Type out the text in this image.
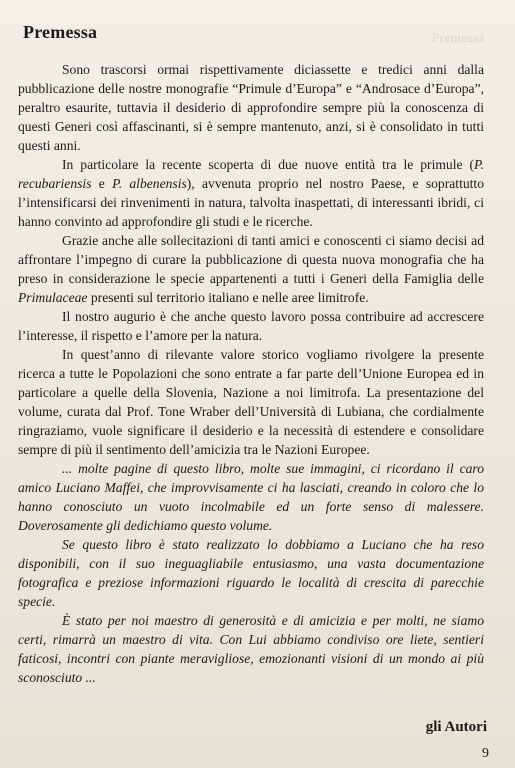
Premessa
Premessa

Sono trascorsi ormai rispettivamente diciassette e tredici anni dalla pubblicazione delle nostre monografie “Primule d’Europa” e “Androsace d’Europa”, peraltro esaurite, tuttavia il desiderio di approfondire sempre più la conoscenza di questi Generi così affascinanti, si è sempre mantenuto, anzi, si è consolidato in tutti questi anni.

In particolare la recente scoperta di due nuove entità tra le primule (P. recubariensis e P. albenensis), avvenuta proprio nel nostro Paese, e soprattutto l’intensificarsi dei rinvenimenti in natura, talvolta inaspettati, di interessanti ibridi, ci hanno convinto ad approfondire gli studi e le ricerche.

Grazie anche alle sollecitazioni di tanti amici e conoscenti ci siamo decisi ad affrontare l’impegno di curare la pubblicazione di questa nuova monografia che ha preso in considerazione le specie appartenenti a tutti i Generi della Famiglia delle Primulaceae presenti sul territorio italiano e nelle aree limitrofe.

Il nostro augurio è che anche questo lavoro possa contribuire ad accrescere l’interesse, il rispetto e l’amore per la natura.

In quest’anno di rilevante valore storico vogliamo rivolgere la presente ricerca a tutte le Popolazioni che sono entrate a far parte dell’Unione Europea ed in particolare a quelle della Slovenia, Nazione a noi limitrofa. La presentazione del volume, curata dal Prof. Tone Wraber dell’Università di Lubiana, che cordialmente ringraziamo, vuole significare il desiderio e la necessità di estendere e consolidare sempre di più il sentimento dell’amicizia tra le Nazioni Europee.

... molte pagine di questo libro, molte sue immagini, ci ricordano il caro amico Luciano Maffei, che improvvisamente ci ha lasciati, creando in coloro che lo hanno conosciuto un vuoto incolmabile ed un forte senso di malessere. Doverosamente gli dedichiamo questo volume.

Se questo libro è stato realizzato lo dobbiamo a Luciano che ha reso disponibili, con il suo ineguagliabile entusiasmo, una vasta documentazione fotografica e preziose informazioni riguardo le località di crescita di parecchie specie.

È stato per noi maestro di generosità e di amicizia e per molti, ne siamo certi, rimarrà un maestro di vita. Con Lui abbiamo condiviso ore liete, sentieri faticosi, incontri con piante meravigliose, emozionanti visioni di un mondo ai più sconosciuto ...

gli Autori
9
